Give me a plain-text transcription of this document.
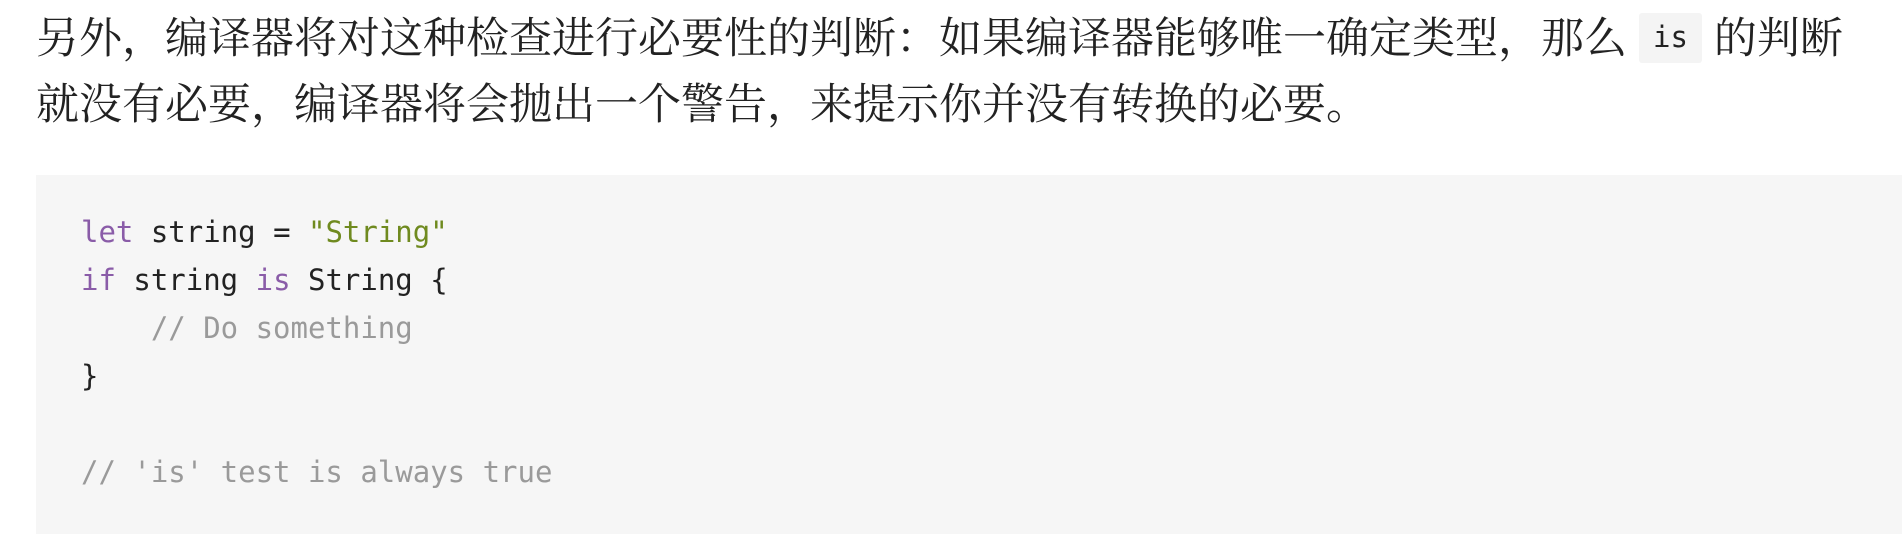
另外，编译器将对这种检查进行必要性的判断：如果编译器能够唯一确定类型，那么 is 的判断
就没有必要，编译器将会抛出一个警告，来提示你并没有转换的必要。
let string = "String"
if string is String {
// Do something
}
// 'is' test is always true
